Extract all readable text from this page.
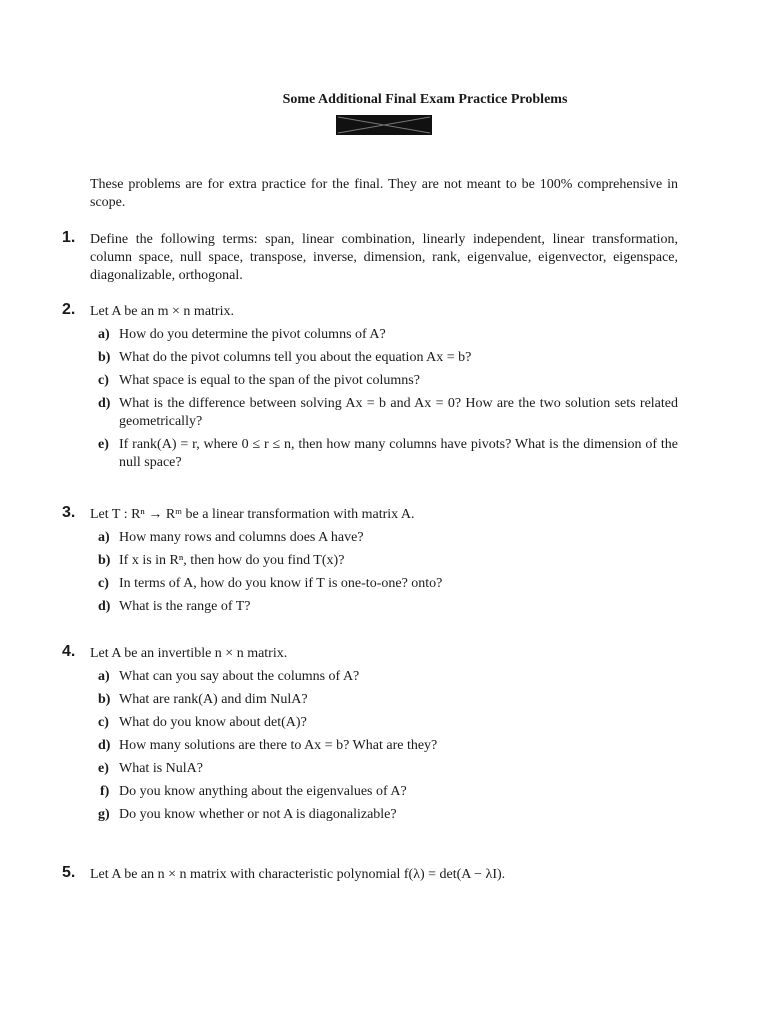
Some Additional Final Exam Practice Problems
These problems are for extra practice for the final. They are not meant to be 100% comprehensive in scope.
1. Define the following terms: span, linear combination, linearly independent, linear transformation, column space, null space, transpose, inverse, dimension, rank, eigenvalue, eigenvector, eigenspace, diagonalizable, orthogonal.
2. Let A be an m × n matrix.
a) How do you determine the pivot columns of A?
b) What do the pivot columns tell you about the equation Ax = b?
c) What space is equal to the span of the pivot columns?
d) What is the difference between solving Ax = b and Ax = 0? How are the two solution sets related geometrically?
e) If rank(A) = r, where 0 ≤ r ≤ n, then how many columns have pivots? What is the dimension of the null space?
3. Let T : Rⁿ → Rᵐ be a linear transformation with matrix A.
a) How many rows and columns does A have?
b) If x is in Rⁿ, then how do you find T(x)?
c) In terms of A, how do you know if T is one-to-one? onto?
d) What is the range of T?
4. Let A be an invertible n × n matrix.
a) What can you say about the columns of A?
b) What are rank(A) and dim NulA?
c) What do you know about det(A)?
d) How many solutions are there to Ax = b? What are they?
e) What is NulA?
f) Do you know anything about the eigenvalues of A?
g) Do you know whether or not A is diagonalizable?
5. Let A be an n × n matrix with characteristic polynomial f(λ) = det(A − λI).
